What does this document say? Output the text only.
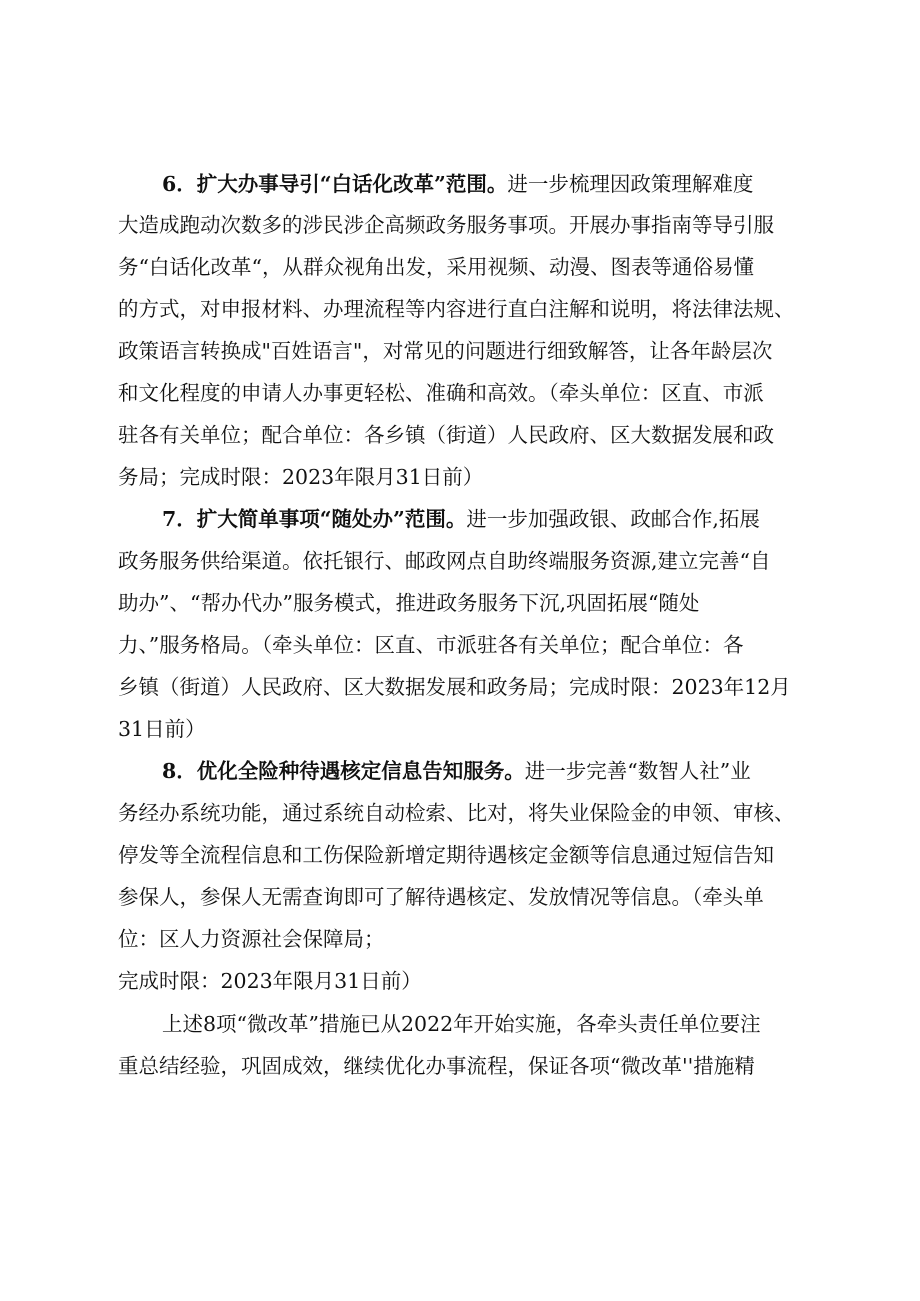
6．扩大办事导引“白话化改革”范围。进一步梳理因政策理解难度
大造成跑动次数多的涉民涉企高频政务服务事项。开展办事指南等导引服
务“白话化改革“，从群众视角出发，采用视频、动漫、图表等通俗易懂
的方式，对申报材料、办理流程等内容进行直白注解和说明，将法律法规、
政策语言转换成"百姓语言"，对常见的问题进行细致解答，让各年龄层次
和文化程度的申请人办事更轻松、准确和高效。（牵头单位：区直、市派
驻各有关单位；配合单位：各乡镇（街道）人民政府、区大数据发展和政
务局；完成时限：2023年限月31日前）
7．扩大简单事项“随处办”范围。进一步加强政银、政邮合作,拓展
政务服务供给渠道。依托银行、邮政网点自助终端服务资源,建立完善“自
助办”、“帮办代办”服务模式，推进政务服务下沉,巩固拓展“随处
力、”服务格局。（牵头单位：区直、市派驻各有关单位；配合单位：各
乡镇（街道）人民政府、区大数据发展和政务局；完成时限：2023年12月
31日前）
8．优化全险种待遇核定信息告知服务。进一步完善“数智人社”业
务经办系统功能，通过系统自动检索、比对，将失业保险金的申领、审核、
停发等全流程信息和工伤保险新增定期待遇核定金额等信息通过短信告知
参保人，参保人无需查询即可了解待遇核定、发放情况等信息。（牵头单
位：区人力资源社会保障局；
完成时限：2023年限月31日前）
上述8项“微改革”措施已从2022年开始实施，各牵头责任单位要注
重总结经验，巩固成效，继续优化办事流程，保证各项“微改革''措施精
